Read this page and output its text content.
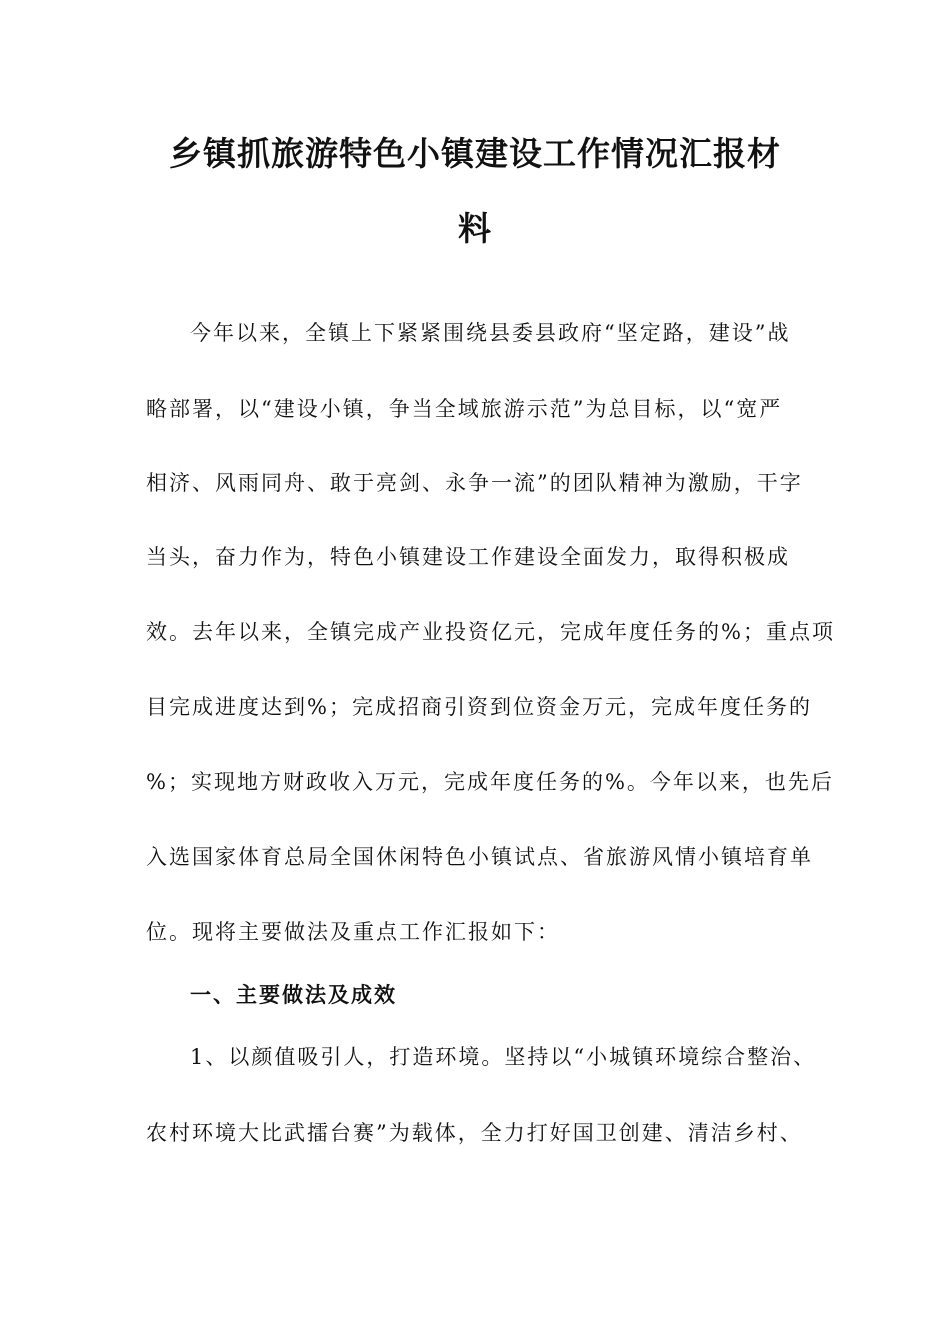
乡镇抓旅游特色小镇建设工作情况汇报材
料
今年以来，全镇上下紧紧围绕县委县政府“坚定路，建设”战
略部署，以“建设小镇，争当全域旅游示范”为总目标，以“宽严
相济、风雨同舟、敢于亮剑、永争一流”的团队精神为激励，干字
当头，奋力作为，特色小镇建设工作建设全面发力，取得积极成
效。去年以来，全镇完成产业投资亿元，完成年度任务的%；重点项
目完成进度达到%；完成招商引资到位资金万元，完成年度任务的
%；实现地方财政收入万元，完成年度任务的%。今年以来，也先后
入选国家体育总局全国休闲特色小镇试点、省旅游风情小镇培育单
位。现将主要做法及重点工作汇报如下：
一、主要做法及成效
1、以颜值吸引人，打造环境。坚持以“小城镇环境综合整治、
农村环境大比武擂台赛”为载体，全力打好国卫创建、清洁乡村、
